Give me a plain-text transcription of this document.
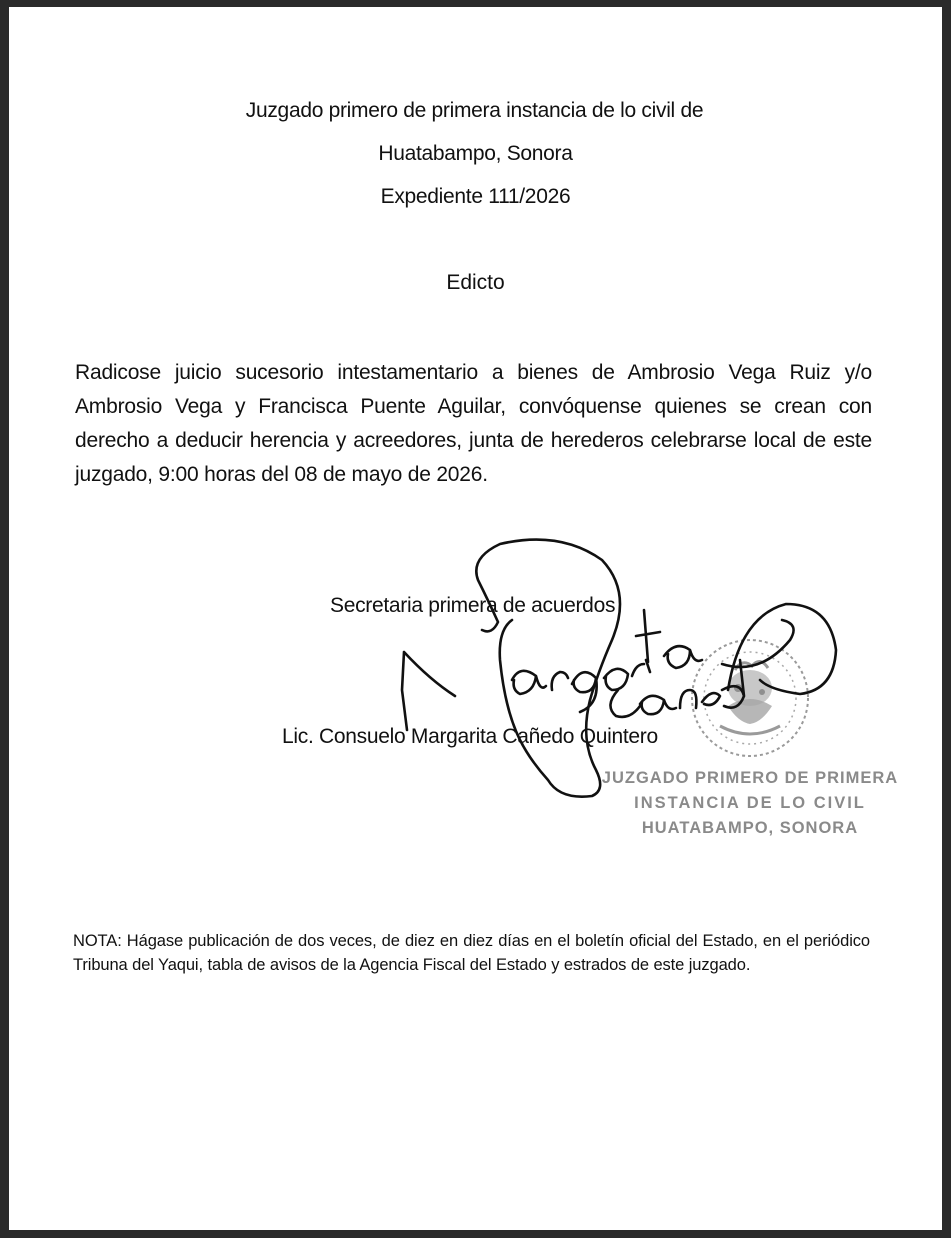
Juzgado primero de primera instancia de lo civil de
Huatabampo, Sonora
Expediente 111/2026
Edicto
Radicose juicio sucesorio intestamentario a bienes de Ambrosio Vega Ruiz y/o Ambrosio Vega y Francisca Puente Aguilar, convóquense quienes se crean con derecho a deducir herencia y acreedores, junta de herederos celebrarse local de este juzgado, 9:00 horas del 08 de mayo de 2026.
Secretaria primera de acuerdos
Lic. Consuelo Margarita Cañedo Quintero
JUZGADO PRIMERO DE PRIMERA
INSTANCIA DE LO CIVIL
HUATABAMPO, SONORA
NOTA: Hágase publicación de dos veces, de diez en diez días en el boletín oficial del Estado, en el periódico Tribuna del Yaqui, tabla de avisos de la Agencia Fiscal del Estado y estrados de este juzgado.
